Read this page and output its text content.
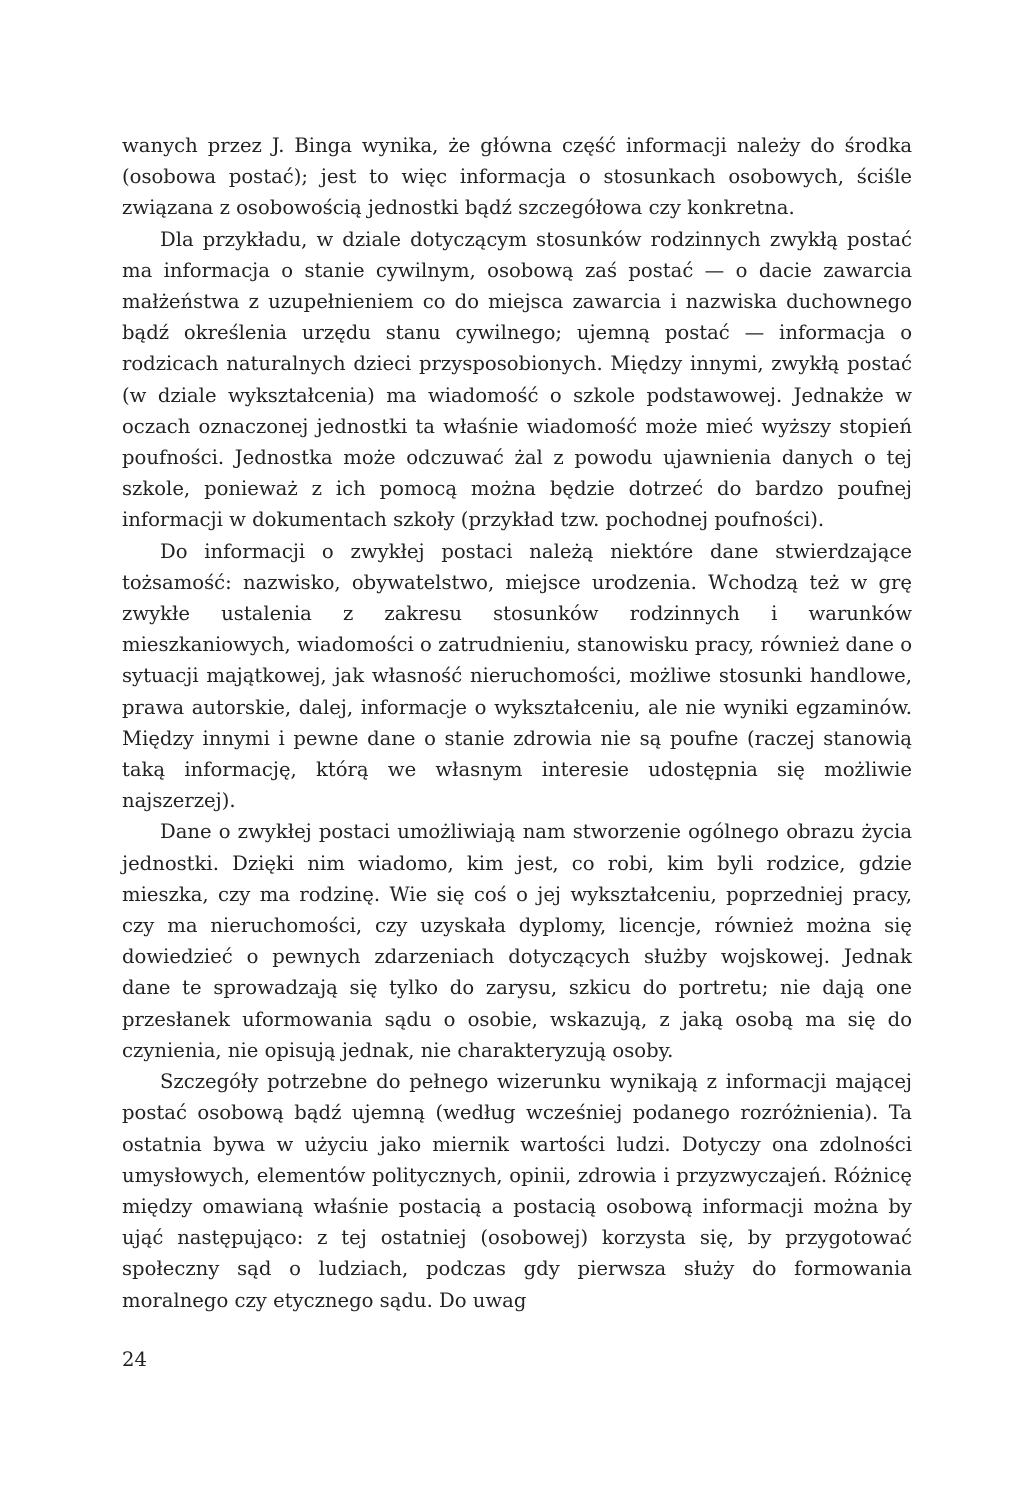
wanych przez J. Binga wynika, że główna część informacji należy do środka (osobowa postać); jest to więc informacja o stosunkach osobowych, ściśle związana z osobowością jednostki bądź szczegółowa czy konkretna.

Dla przykładu, w dziale dotyczącym stosunków rodzinnych zwykłą postać ma informacja o stanie cywilnym, osobową zaś postać — o dacie zawarcia małżeństwa z uzupełnieniem co do miejsca zawarcia i nazwiska duchownego bądź określenia urzędu stanu cywilnego; ujemną postać — informacja o rodzicach naturalnych dzieci przysposobionych. Między innymi, zwykłą postać (w dziale wykształcenia) ma wiadomość o szkole podstawowej. Jednakże w oczach oznaczonej jednostki ta właśnie wiadomość może mieć wyższy stopień poufności. Jednostka może odczuwać żal z powodu ujawnienia danych o tej szkole, ponieważ z ich pomocą można będzie dotrzeć do bardzo poufnej informacji w dokumentach szkoły (przykład tzw. pochodnej poufności).

Do informacji o zwykłej postaci należą niektóre dane stwierdzające tożsamość: nazwisko, obywatelstwo, miejsce urodzenia. Wchodzą też w grę zwykłe ustalenia z zakresu stosunków rodzinnych i warunków mieszkaniowych, wiadomości o zatrudnieniu, stanowisku pracy, również dane o sytuacji majątkowej, jak własność nieruchomości, możliwe stosunki handlowe, prawa autorskie, dalej, informacje o wykształceniu, ale nie wyniki egzaminów. Między innymi i pewne dane o stanie zdrowia nie są poufne (raczej stanowią taką informację, którą we własnym interesie udostępnia się możliwie najszerzej).

Dane o zwykłej postaci umożliwiają nam stworzenie ogólnego obrazu życia jednostki. Dzięki nim wiadomo, kim jest, co robi, kim byli rodzice, gdzie mieszka, czy ma rodzinę. Wie się coś o jej wykształceniu, poprzedniej pracy, czy ma nieruchomości, czy uzyskała dyplomy, licencje, również można się dowiedzieć o pewnych zdarzeniach dotyczących służby wojskowej. Jednak dane te sprowadzają się tylko do zarysu, szkicu do portretu; nie dają one przesłanek uformowania sądu o osobie, wskazują, z jaką osobą ma się do czynienia, nie opisują jednak, nie charakteryzują osoby.

Szczegóły potrzebne do pełnego wizerunku wynikają z informacji mającej postać osobową bądź ujemną (według wcześniej podanego rozróżnienia). Ta ostatnia bywa w użyciu jako miernik wartości ludzi. Dotyczy ona zdolności umysłowych, elementów politycznych, opinii, zdrowia i przyzwyczajeń. Różnicę między omawianą właśnie postacią a postacią osobową informacji można by ująć następująco: z tej ostatniej (osobowej) korzysta się, by przygotować społeczny sąd o ludziach, podczas gdy pierwsza służy do formowania moralnego czy etycznego sądu. Do uwag

24
